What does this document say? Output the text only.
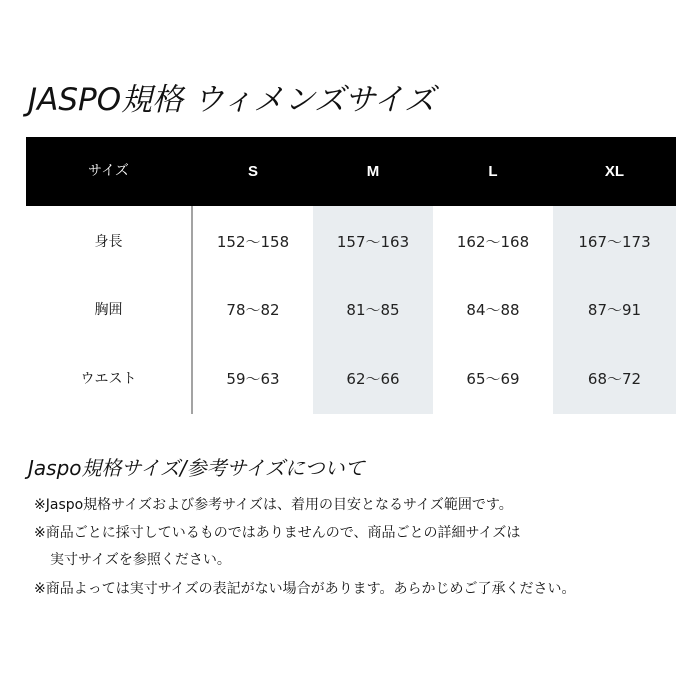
JASPO規格 ウィメンズサイズ
サイズ	S	M	L	XL
身長	152〜158	157〜163	162〜168	167〜173
胸囲	78〜82	81〜85	84〜88	87〜91
ウエスト	59〜63	62〜66	65〜69	68〜72
Jaspo規格サイズ/参考サイズについて
※Jaspo規格サイズおよび参考サイズは、着用の目安となるサイズ範囲です。
※商品ごとに採寸しているものではありませんので、商品ごとの詳細サイズは
実寸サイズを参照ください。
※商品よっては実寸サイズの表記がない場合があります。あらかじめご了承ください。
